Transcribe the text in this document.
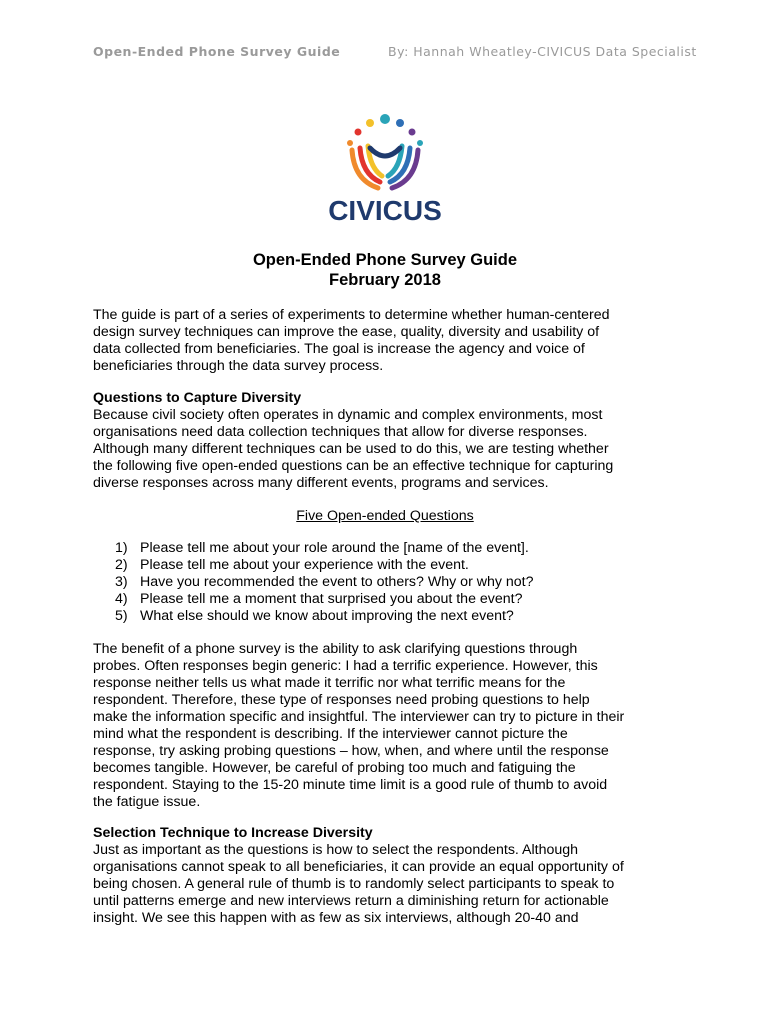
Open-Ended Phone Survey Guide	By: Hannah Wheatley-CIVICUS Data Specialist
CIVICUS
Open-Ended Phone Survey Guide
February 2018
The guide is part of a series of experiments to determine whether human-centered
design survey techniques can improve the ease, quality, diversity and usability of
data collected from beneficiaries. The goal is increase the agency and voice of
beneficiaries through the data survey process.
Questions to Capture Diversity
Because civil society often operates in dynamic and complex environments, most
organisations need data collection techniques that allow for diverse responses.
Although many different techniques can be used to do this, we are testing whether
the following five open-ended questions can be an effective technique for capturing
diverse responses across many different events, programs and services.
Five Open-ended Questions
1) Please tell me about your role around the [name of the event].
2) Please tell me about your experience with the event.
3) Have you recommended the event to others? Why or why not?
4) Please tell me a moment that surprised you about the event?
5) What else should we know about improving the next event?
The benefit of a phone survey is the ability to ask clarifying questions through
probes. Often responses begin generic: I had a terrific experience. However, this
response neither tells us what made it terrific nor what terrific means for the
respondent. Therefore, these type of responses need probing questions to help
make the information specific and insightful. The interviewer can try to picture in their
mind what the respondent is describing. If the interviewer cannot picture the
response, try asking probing questions – how, when, and where until the response
becomes tangible. However, be careful of probing too much and fatiguing the
respondent. Staying to the 15-20 minute time limit is a good rule of thumb to avoid
the fatigue issue.
Selection Technique to Increase Diversity
Just as important as the questions is how to select the respondents. Although
organisations cannot speak to all beneficiaries, it can provide an equal opportunity of
being chosen. A general rule of thumb is to randomly select participants to speak to
until patterns emerge and new interviews return a diminishing return for actionable
insight. We see this happen with as few as six interviews, although 20-40 and
